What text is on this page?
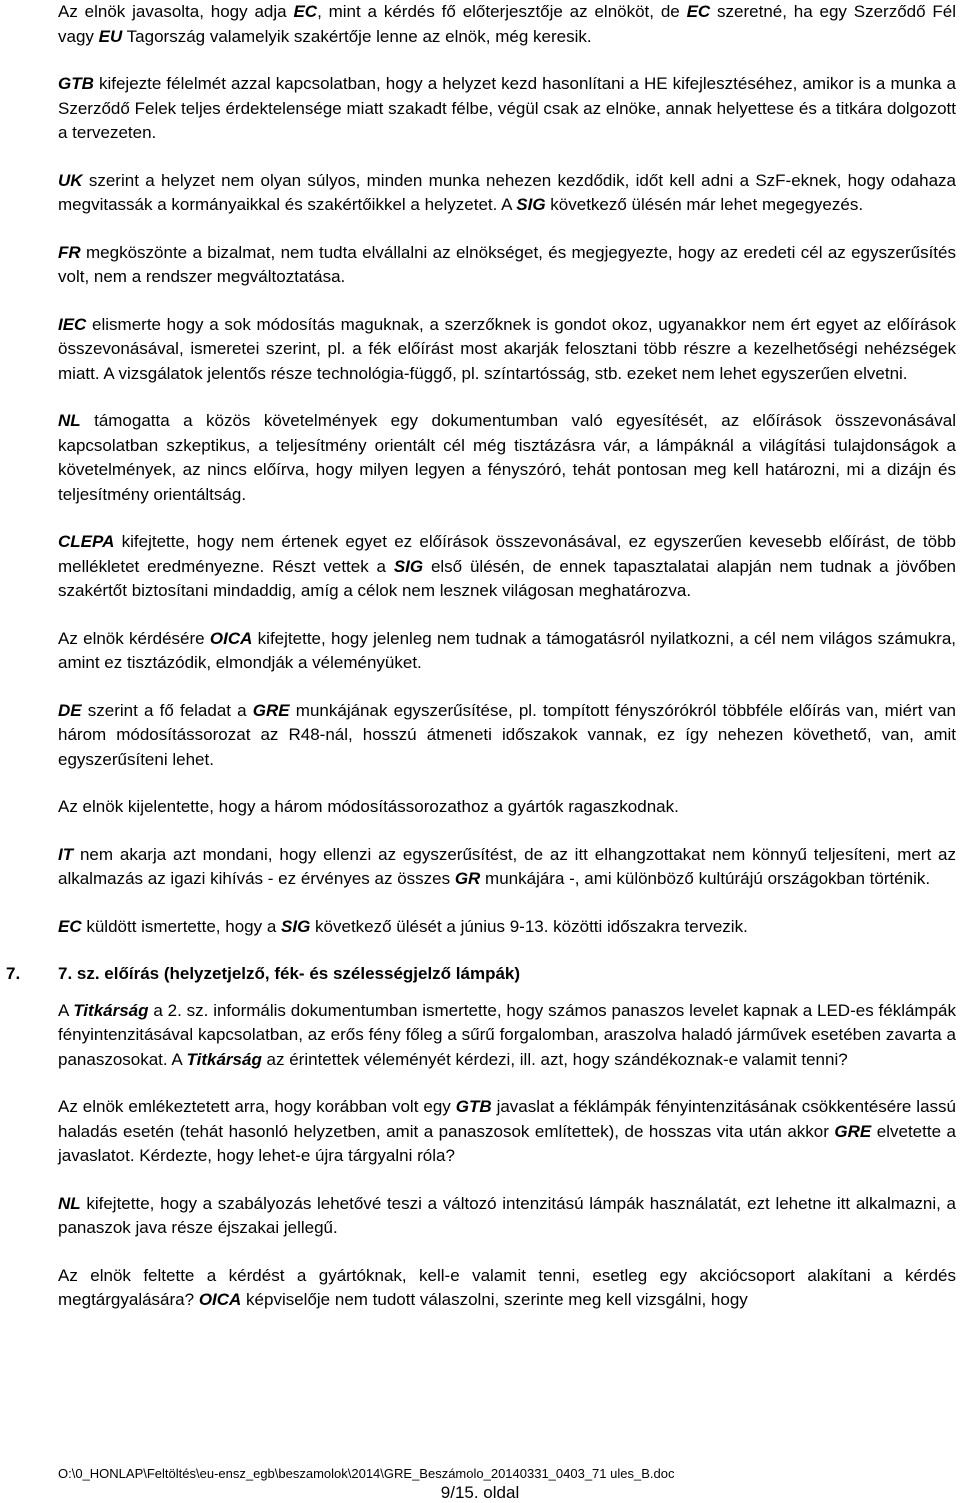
Az elnök javasolta, hogy adja EC, mint a kérdés fő előterjesztője az elnököt, de EC szeretné, ha egy Szerződő Fél vagy EU Tagország valamelyik szakértője lenne az elnök, még keresik.

GTB kifejezte félelmét azzal kapcsolatban, hogy a helyzet kezd hasonlítani a HE kifejlesztéséhez, amikor is a munka a Szerződő Felek teljes érdektelensége miatt szakadt félbe, végül csak az elnöke, annak helyettese és a titkára dolgozott a tervezeten.

UK szerint a helyzet nem olyan súlyos, minden munka nehezen kezdődik, időt kell adni a SzF-eknek, hogy odahaza megvitassák a kormányaikkal és szakértőikkel a helyzetet. A SIG következő ülésén már lehet megegyezés.

FR megköszönte a bizalmat, nem tudta elvállalni az elnökséget, és megjegyezte, hogy az eredeti cél az egyszerűsítés volt, nem a rendszer megváltoztatása.

IEC elismerte hogy a sok módosítás maguknak, a szerzőknek is gondot okoz, ugyanakkor nem ért egyet az előírások összevonásával, ismeretei szerint, pl. a fék előírást most akarják felosztani több részre a kezelhetőségi nehézségek miatt. A vizsgálatok jelentős része technológia-függő, pl. színtartósság, stb. ezeket nem lehet egyszerűen elvetni.

NL támogatta a közös követelmények egy dokumentumban való egyesítését, az előírások összevonásával kapcsolatban szkeptikus, a teljesítmény orientált cél még tisztázásra vár, a lámpáknál a világítási tulajdonságok a követelmények, az nincs előírva, hogy milyen legyen a fényszóró, tehát pontosan meg kell határozni, mi a dizájn és teljesítmény orientáltság.

CLEPA kifejtette, hogy nem értenek egyet ez előírások összevonásával, ez egyszerűen kevesebb előírást, de több mellékletet eredményezne. Részt vettek a SIG első ülésén, de ennek tapasztalatai alapján nem tudnak a jövőben szakértőt biztosítani mindaddig, amíg a célok nem lesznek világosan meghatározva.

Az elnök kérdésére OICA kifejtette, hogy jelenleg nem tudnak a támogatásról nyilatkozni, a cél nem világos számukra, amint ez tisztázódik, elmondják a véleményüket.

DE szerint a fő feladat a GRE munkájának egyszerűsítése, pl. tompított fényszórókról többféle előírás van, miért van három módosítássorozat az R48-nál, hosszú átmeneti időszakok vannak, ez így nehezen követhető, van, amit egyszerűsíteni lehet.

Az elnök kijelentette, hogy a három módosítássorozathoz a gyártók ragaszkodnak.

IT nem akarja azt mondani, hogy ellenzi az egyszerűsítést, de az itt elhangzottakat nem könnyű teljesíteni, mert az alkalmazás az igazi kihívás - ez érvényes az összes GR munkájára -, ami különböző kultúrájú országokban történik.

EC küldött ismertette, hogy a SIG következő ülését a június 9-13. közötti időszakra tervezik.

7. 7. sz. előírás (helyzetjelző, fék- és szélességjelző lámpák)

A Titkárság a 2. sz. informális dokumentumban ismertette, hogy számos panaszos levelet kapnak a LED-es féklámpák fényintenzitásával kapcsolatban, az erős fény főleg a sűrű forgalomban, araszolva haladó járművek esetében zavarta a panaszosokat. A Titkárság az érintettek véleményét kérdezi, ill. azt, hogy szándékoznak-e valamit tenni?

Az elnök emlékeztetett arra, hogy korábban volt egy GTB javaslat a féklámpák fényintenzitásának csökkentésére lassú haladás esetén (tehát hasonló helyzetben, amit a panaszosok említettek), de hosszas vita után akkor GRE elvetette a javaslatot. Kérdezte, hogy lehet-e újra tárgyalni róla?

NL kifejtette, hogy a szabályozás lehetővé teszi a változó intenzitású lámpák használatát, ezt lehetne itt alkalmazni, a panaszok java része éjszakai jellegű.

Az elnök feltette a kérdést a gyártóknak, kell-e valamit tenni, esetleg egy akciócsoport alakítani a kérdés megtárgyalására? OICA képviselője nem tudott válaszolni, szerinte meg kell vizsgálni, hogy

O:\0_HONLAP\Feltöltés\eu-ensz_egb\beszamolok\2014\GRE_Beszámolo_20140331_0403_71 ules_B.doc
9/15. oldal
